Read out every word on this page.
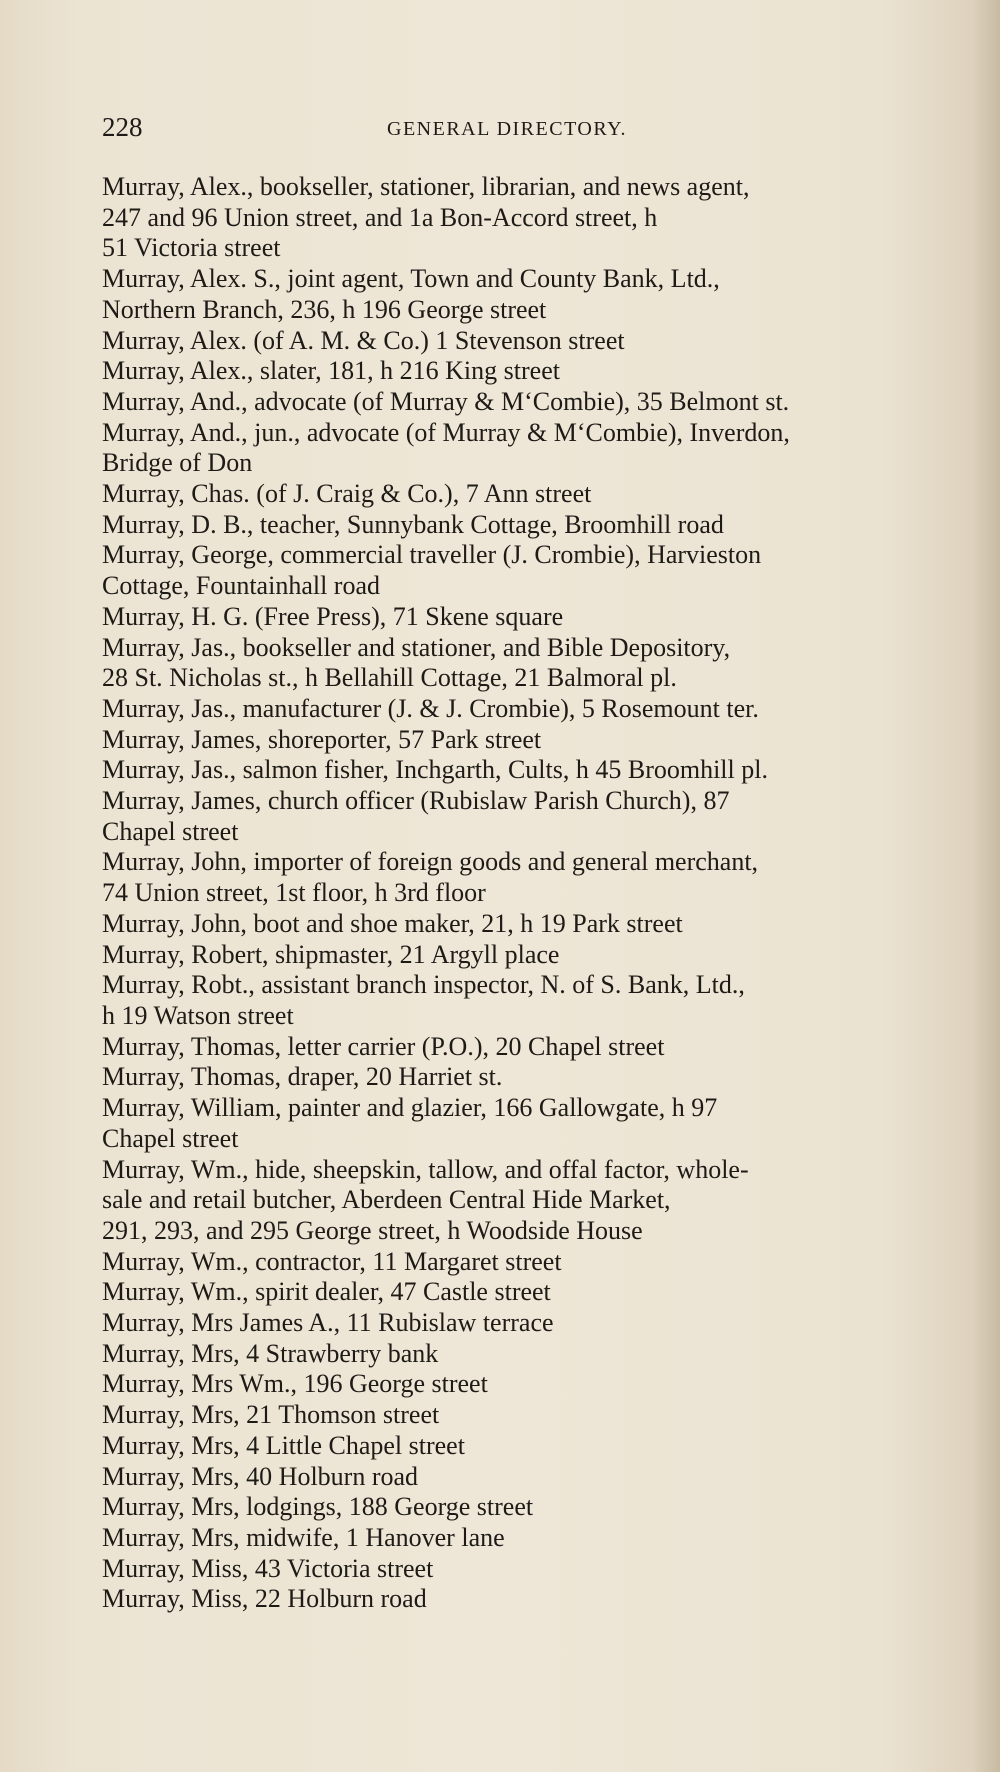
228	GENERAL DIRECTORY.
Murray, Alex., bookseller, stationer, librarian, and news agent,
247 and 96 Union street, and 1a Bon-Accord street, h
51 Victoria street
Murray, Alex. S., joint agent, Town and County Bank, Ltd.,
Northern Branch, 236, h 196 George street
Murray, Alex. (of A. M. & Co.) 1 Stevenson street
Murray, Alex., slater, 181, h 216 King street
Murray, And., advocate (of Murray & M‘Combie), 35 Belmont st.
Murray, And., jun., advocate (of Murray & M‘Combie), Inverdon,
Bridge of Don
Murray, Chas. (of J. Craig & Co.), 7 Ann street
Murray, D. B., teacher, Sunnybank Cottage, Broomhill road
Murray, George, commercial traveller (J. Crombie), Harvieston
Cottage, Fountainhall road
Murray, H. G. (Free Press), 71 Skene square
Murray, Jas., bookseller and stationer, and Bible Depository,
28 St. Nicholas st., h Bellahill Cottage, 21 Balmoral pl.
Murray, Jas., manufacturer (J. & J. Crombie), 5 Rosemount ter.
Murray, James, shoreporter, 57 Park street
Murray, Jas., salmon fisher, Inchgarth, Cults, h 45 Broomhill pl.
Murray, James, church officer (Rubislaw Parish Church), 87
Chapel street
Murray, John, importer of foreign goods and general merchant,
74 Union street, 1st floor, h 3rd floor
Murray, John, boot and shoe maker, 21, h 19 Park street
Murray, Robert, shipmaster, 21 Argyll place
Murray, Robt., assistant branch inspector, N. of S. Bank, Ltd.,
h 19 Watson street
Murray, Thomas, letter carrier (P.O.), 20 Chapel street
Murray, Thomas, draper, 20 Harriet st.
Murray, William, painter and glazier, 166 Gallowgate, h 97
Chapel street
Murray, Wm., hide, sheepskin, tallow, and offal factor, whole-
sale and retail butcher, Aberdeen Central Hide Market,
291, 293, and 295 George street, h Woodside House
Murray, Wm., contractor, 11 Margaret street
Murray, Wm., spirit dealer, 47 Castle street
Murray, Mrs James A., 11 Rubislaw terrace
Murray, Mrs, 4 Strawberry bank
Murray, Mrs Wm., 196 George street
Murray, Mrs, 21 Thomson street
Murray, Mrs, 4 Little Chapel street
Murray, Mrs, 40 Holburn road
Murray, Mrs, lodgings, 188 George street
Murray, Mrs, midwife, 1 Hanover lane
Murray, Miss, 43 Victoria street
Murray, Miss, 22 Holburn road
